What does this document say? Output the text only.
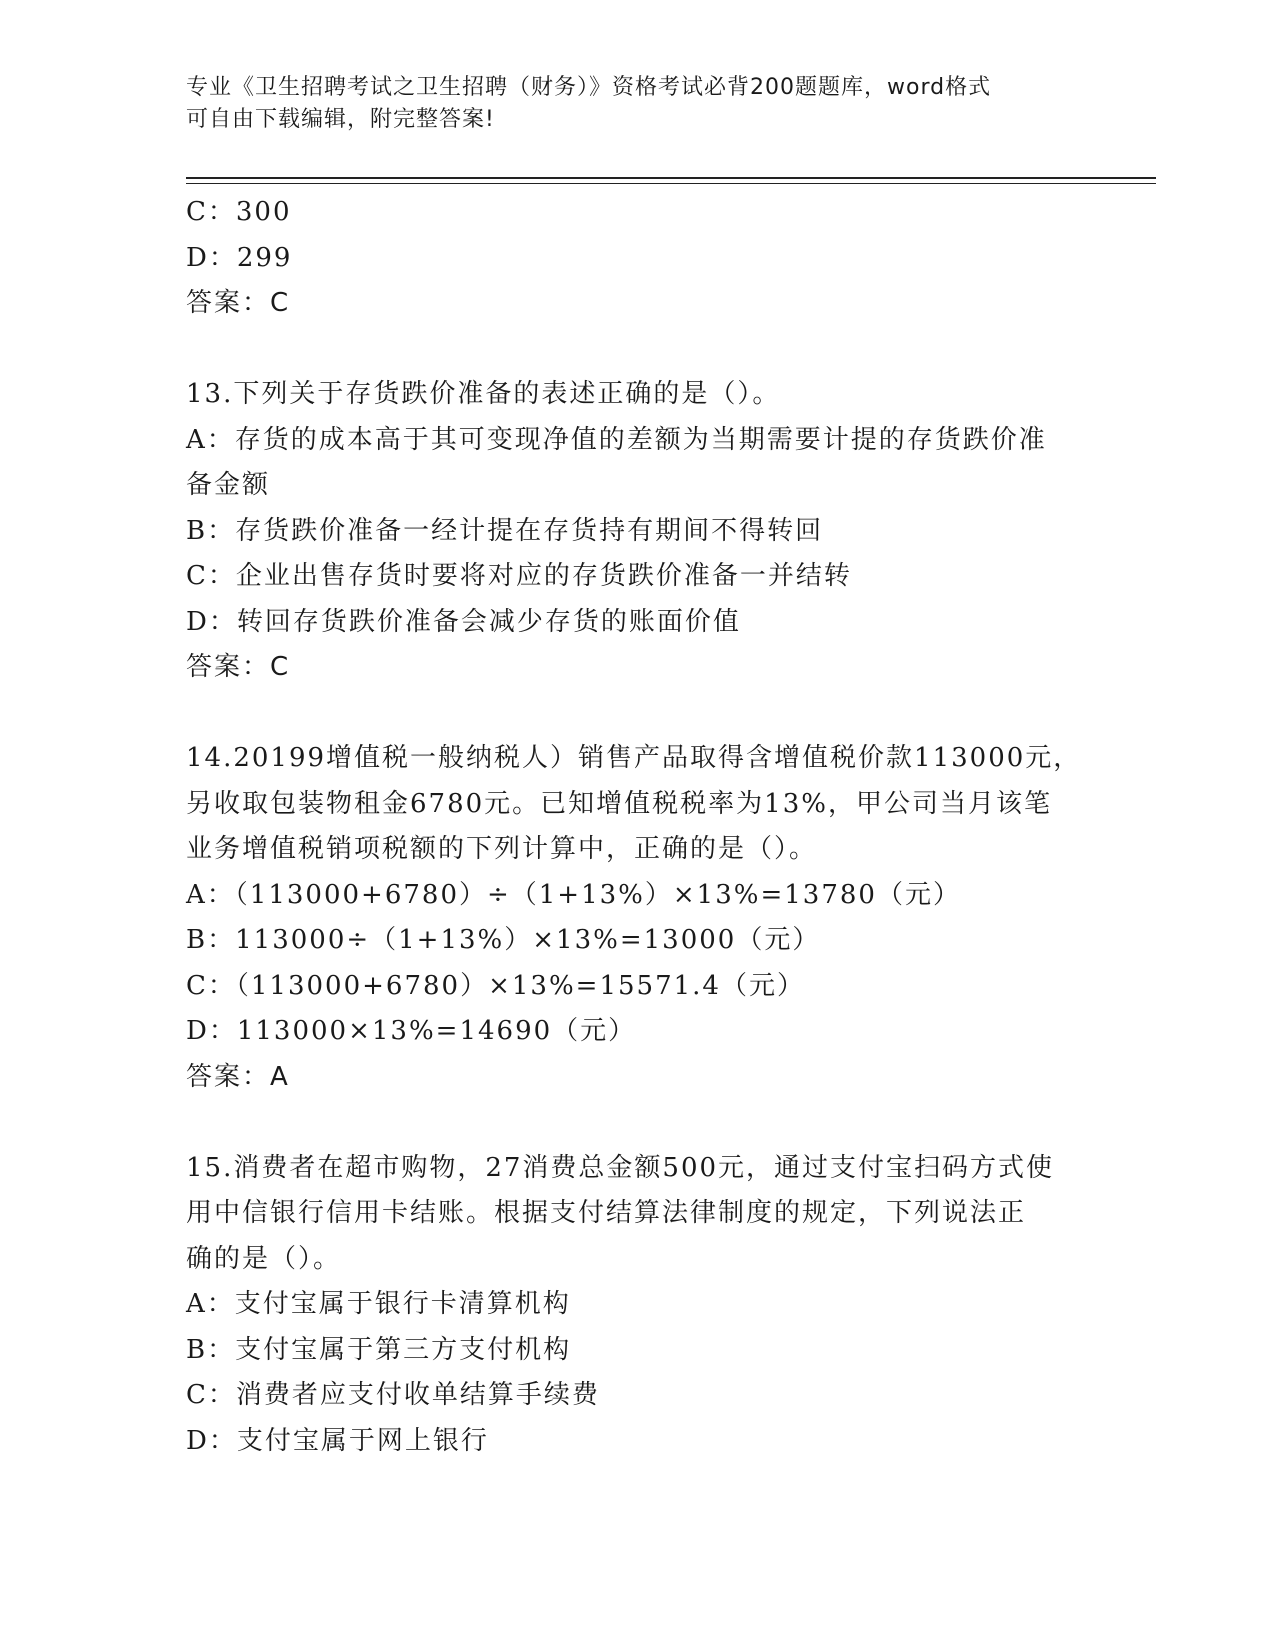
专业《卫生招聘考试之卫生招聘（财务）》资格考试必背200题题库，word格式
可自由下载编辑，附完整答案!
C：300
D：299
答案：C
13.下列关于存货跌价准备的表述正确的是（）。
A：存货的成本高于其可变现净值的差额为当期需要计提的存货跌价准
备金额
B：存货跌价准备一经计提在存货持有期间不得转回
C：企业出售存货时要将对应的存货跌价准备一并结转
D：转回存货跌价准备会减少存货的账面价值
答案：C
14.20199增值税一般纳税人）销售产品取得含增值税价款113000元，
另收取包装物租金6780元。已知增值税税率为13%，甲公司当月该笔
业务增值税销项税额的下列计算中，正确的是（）。
A：（113000+6780）÷（1+13%）×13%=13780（元）
B：113000÷（1+13%）×13%=13000（元）
C：（113000+6780）×13%=15571.4（元）
D：113000×13%=14690（元）
答案：A
15.消费者在超市购物，27消费总金额500元，通过支付宝扫码方式使
用中信银行信用卡结账。根据支付结算法律制度的规定，下列说法正
确的是（）。
A：支付宝属于银行卡清算机构
B：支付宝属于第三方支付机构
C：消费者应支付收单结算手续费
D：支付宝属于网上银行
